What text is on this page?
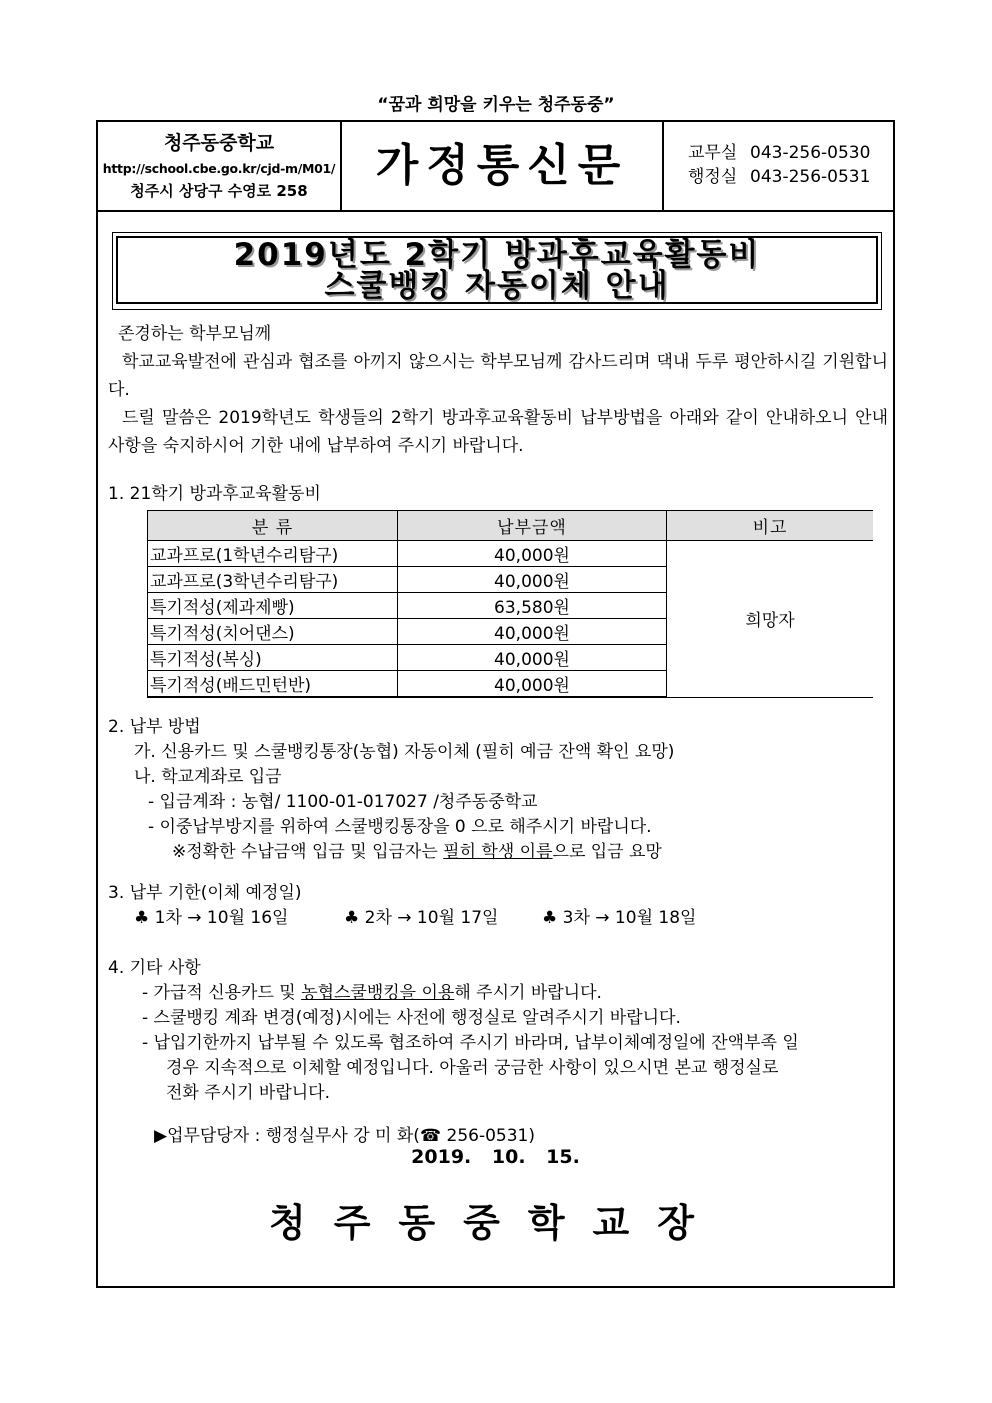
“꿈과 희망을 키우는 청주동중”
청주동중학교
http://school.cbe.go.kr/cjd-m/M01/
청주시 상당구 수영로 258	가정통신문	교무실 043-256-0530
행정실 043-256-0531
2019년도 2학기 방과후교육활동비
스쿨뱅킹 자동이체 안내

존경하는 학부모님께

학교교육발전에 관심과 협조를 아끼지 않으시는 학부모님께 감사드리며 댁내 두루 평안하시길 기원합니다.

드릴 말씀은 2019학년도 학생들의 2학기 방과후교육활동비 납부방법을 아래와 같이 안내하오니 안내 사항을 숙지하시어 기한 내에 납부하여 주시기 바랍니다.

1. 21학기 방과후교육활동비
분 류	납부금액	비고
교과프로(1학년수리탐구)	40,000원	희망자
교과프로(3학년수리탐구)	40,000원	
특기적성(제과제빵)	63,580원	
특기적성(치어댄스)	40,000원	
특기적성(복싱)	40,000원	
특기적성(배드민턴반)	40,000원	
2. 납부 방법
가. 신용카드 및 스쿨뱅킹통장(농협) 자동이체 (필히 예금 잔액 확인 요망)
나. 학교계좌로 입금
- 입금계좌 : 농협/ 1100-01-017027 /청주동중학교
- 이중납부방지를 위하여 스쿨뱅킹통장을 0 으로 해주시기 바랍니다.
※정확한 수납금액 입금 및 입금자는 필히 학생 이름으로 입금 요망
3. 납부 기한(이체 예정일)
♣ 1차 → 10월 16일	♣ 2차 → 10월 17일	♣ 3차 → 10월 18일
4. 기타 사항
- 가급적 신용카드 및 농협스쿨뱅킹을 이용해 주시기 바랍니다.
- 스쿨뱅킹 계좌 변경(예정)시에는 사전에 행정실로 알려주시기 바랍니다.
- 납입기한까지 납부될 수 있도록 협조하여 주시기 바라며, 납부이체예정일에 잔액부족 일
경우 지속적으로 이체할 예정입니다. 아울러 궁금한 사항이 있으시면 본교 행정실로
전화 주시기 바랍니다.
▶업무담당자 : 행정실무사 강 미 화(☎ 256-0531)
2019. 10. 15.
청주동중학교장
